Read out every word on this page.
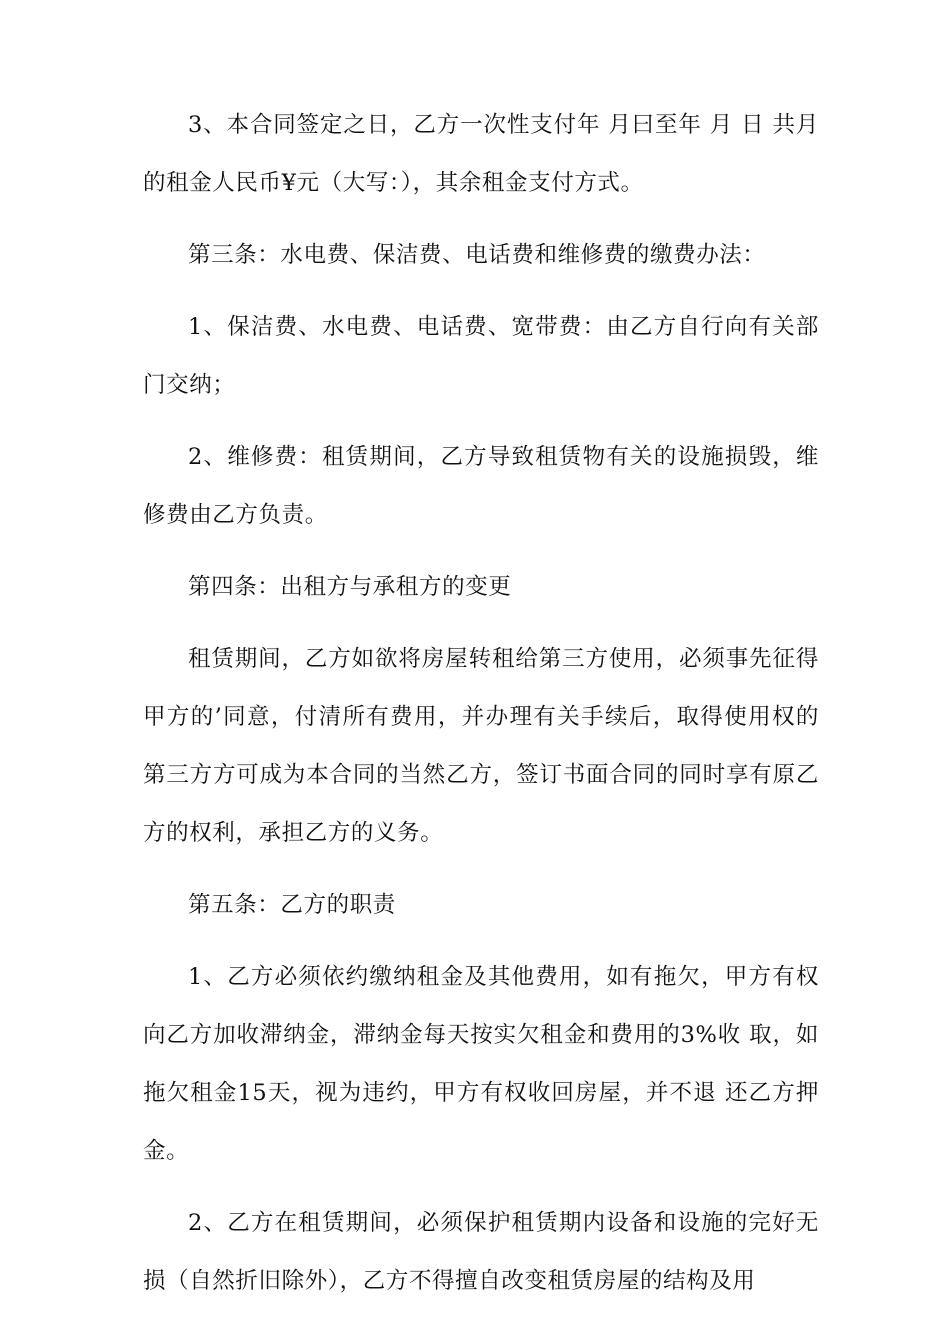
3、本合同签定之日，乙方一次性支付年 月曰至年 月 日 共月的租金人民币¥元（大写：），其余租金支付方式。

第三条：水电费、保洁费、电话费和维修费的缴费办法：

1、保洁费、水电费、电话费、宽带费：由乙方自行向有关部门交纳；

2、维修费：租赁期间，乙方导致租赁物有关的设施损毁，维修费由乙方负责。

第四条：出租方与承租方的变更

租赁期间，乙方如欲将房屋转租给第三方使用，必须事先征得甲方的’同意，付清所有费用，并办理有关手续后，取得使用权的第三方方可成为本合同的当然乙方，签订书面合同的同时享有原乙方的权利，承担乙方的义务。

第五条：乙方的职责

1、乙方必须依约缴纳租金及其他费用，如有拖欠，甲方有权向乙方加收滞纳金，滞纳金每天按实欠租金和费用的3%收 取，如拖欠租金15天，视为违约，甲方有权收回房屋，并不退 还乙方押金。

2、乙方在租赁期间，必须保护租赁期内设备和设施的完好无损（自然折旧除外），乙方不得擅自改变租赁房屋的结构及用
